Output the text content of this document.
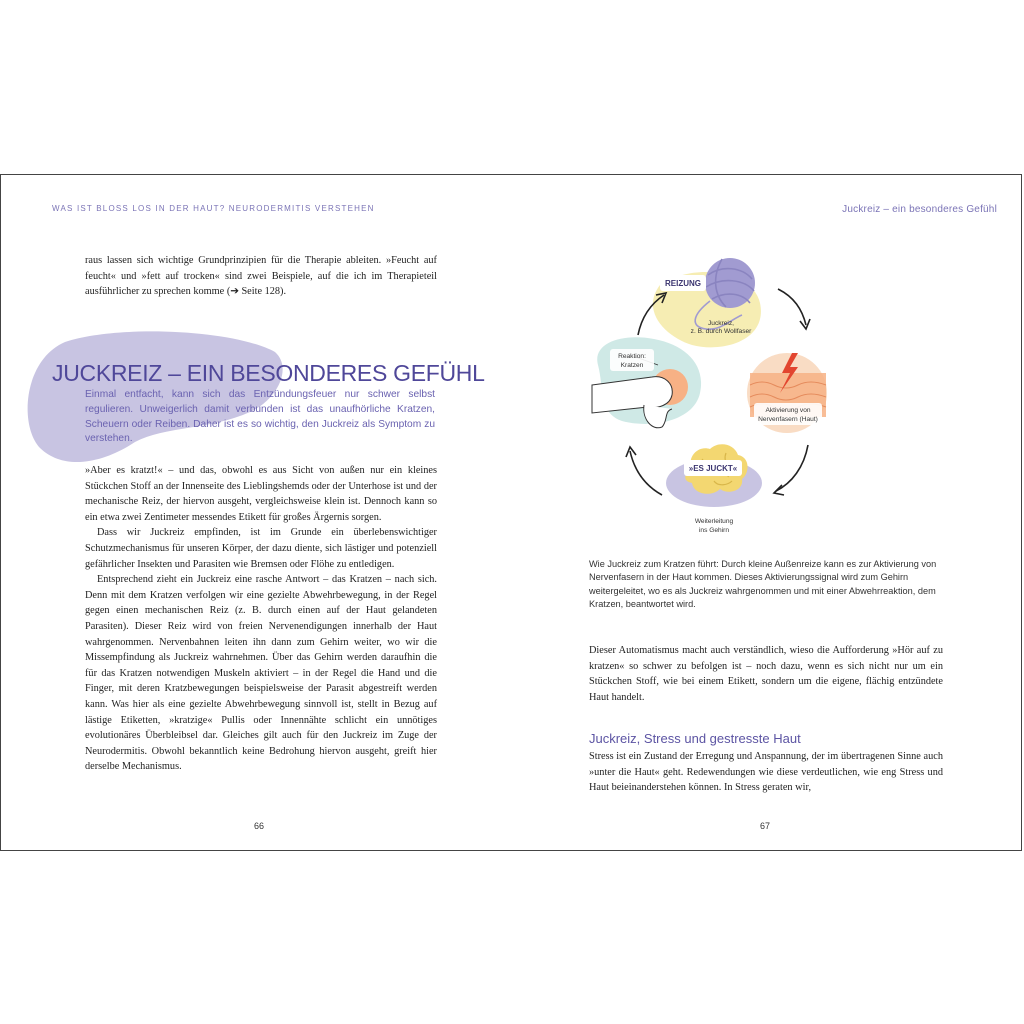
WAS IST BLOSS LOS IN DER HAUT? NEURODERMITIS VERSTEHEN

raus lassen sich wichtige Grundprinzipien für die Therapie ableiten. »Feucht auf feucht« und »fett auf trocken« sind zwei Beispiele, auf die ich im Therapieteil ausführlicher zu sprechen komme (➔ Seite 128).

JUCKREIZ – EIN BESONDERES GEFÜHL
Einmal entfacht, kann sich das Entzündungsfeuer nur schwer selbst regulieren. Unweigerlich damit verbunden ist das unaufhörliche Kratzen, Scheuern oder Reiben. Daher ist es so wichtig, den Juckreiz als Symptom zu verstehen.

»Aber es kratzt!« – und das, obwohl es aus Sicht von außen nur ein kleines Stückchen Stoff an der Innenseite des Lieblingshemds oder der Unterhose ist und der mechanische Reiz, der hiervon ausgeht, vergleichsweise klein ist. Dennoch kann so ein etwa zwei Zentimeter messendes Etikett für großes Ärgernis sorgen.

Dass wir Juckreiz empfinden, ist im Grunde ein überlebenswichtiger Schutzmechanismus für unseren Körper, der dazu diente, sich lästiger und potenziell gefährlicher Insekten und Parasiten wie Bremsen oder Flöhe zu entledigen.

Entsprechend zieht ein Juckreiz eine rasche Antwort – das Kratzen – nach sich. Denn mit dem Kratzen verfolgen wir eine gezielte Abwehrbewegung, in der Regel gegen einen mechanischen Reiz (z. B. durch einen auf der Haut gelandeten Parasiten). Dieser Reiz wird von freien Nervenendigungen innerhalb der Haut wahrgenommen. Nervenbahnen leiten ihn dann zum Gehirn weiter, wo wir die Missempfindung als Juckreiz wahrnehmen. Über das Gehirn werden daraufhin die für das Kratzen notwendigen Muskeln aktiviert – in der Regel die Hand und die Finger, mit deren Kratzbewegungen beispielsweise der Parasit abgestreift werden kann. Was hier als eine gezielte Abwehrbewegung sinnvoll ist, stellt in Bezug auf lästige Etiketten, »kratzige« Pullis oder Innennähte schlicht ein unnötiges evolutionäres Überbleibsel dar. Gleiches gilt auch für den Juckreiz im Zuge der Neurodermitis. Obwohl bekanntlich keine Bedrohung hiervon ausgeht, greift hier derselbe Mechanismus.

66
Juckreiz – ein besonderes Gefühl
REIZUNG
Juckreiz,
z. B. durch Wollfaser
Aktivierung von
Nervenfasern (Haut)
»ES JUCKT«
Weiterleitung
ins Gehirn
Reaktion:
Kratzen
Wie Juckreiz zum Kratzen führt: Durch kleine Außenreize kann es zur Aktivierung von Nervenfasern in der Haut kommen. Dieses Aktivierungssignal wird zum Gehirn weitergeleitet, wo es als Juckreiz wahrgenommen und mit einer Abwehrreaktion, dem Kratzen, beantwortet wird.

Dieser Automatismus macht auch verständlich, wieso die Aufforderung »Hör auf zu kratzen« so schwer zu befolgen ist – noch dazu, wenn es sich nicht nur um ein Stückchen Stoff, wie bei einem Etikett, sondern um die eigene, flächig entzündete Haut handelt.

Juckreiz, Stress und gestresste Haut

Stress ist ein Zustand der Erregung und Anspannung, der im übertragenen Sinne auch »unter die Haut« geht. Redewendungen wie diese verdeutlichen, wie eng Stress und Haut beieinanderstehen können. In Stress geraten wir,

67
